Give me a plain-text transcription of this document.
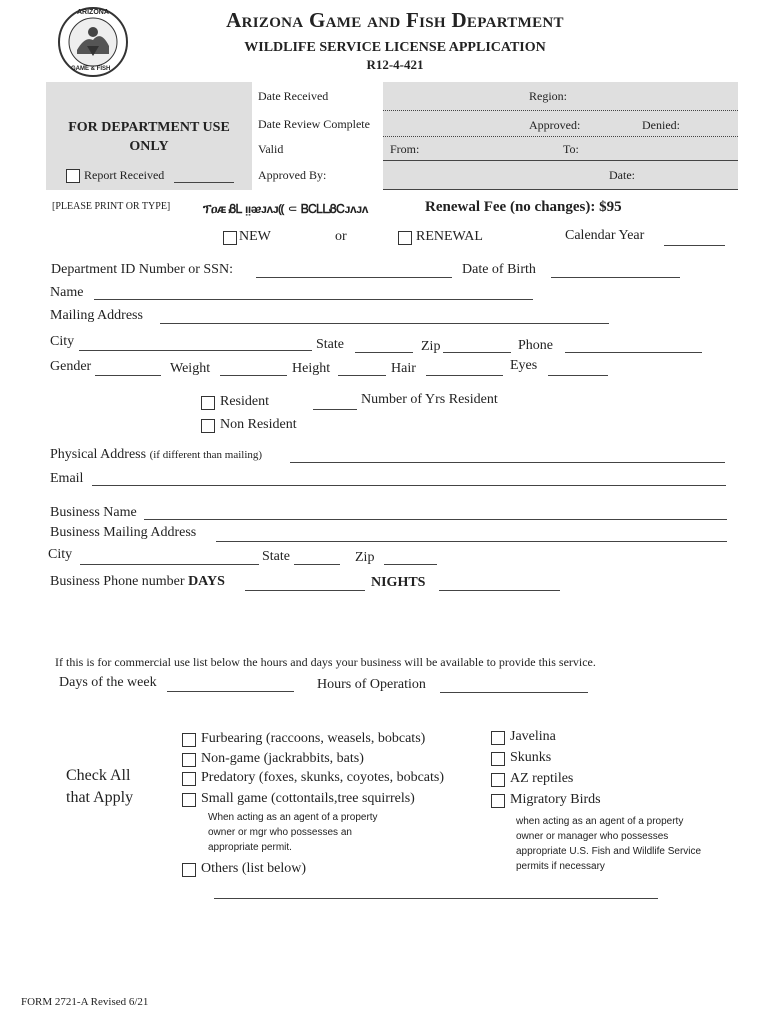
ARIZONA
GAME & FISH
Arizona Game and Fish Department
WILDLIFE SERVICE LICENSE APPLICATION
R12-4-421
FOR DEPARTMENT USE
ONLY
Report Received
Date Received	Region:
Date Review Complete	Approved:	Denied:
Valid	From:	To:
Approved By:	Date:
[PLEASE PRINT OR TYPE]	ፕዐᴁ ᏰᏞ ᴉᴉᴂᴊᴧᴊ⸨ ⸦ ᏴᏟᏞᏞᏰᏟᴊᴧᴊᴧ	Renewal Fee (no changes): $95
NEW	or	RENEWAL	Calendar Year
Department ID Number or SSN:	Date of Birth
Name
Mailing Address
City	State	Zip	Phone
Gender	Weight	Height	Hair	Eyes
Resident	Number of Yrs Resident
Non Resident
Physical Address (if different than mailing)
Email
Business Name
Business Mailing Address
City	State	Zip
Business Phone number DAYS	NIGHTS
If this is for commercial use list below the hours and days your business will be available to provide this service.
Days of the week	Hours of Operation
Check All
that Apply
Furbearing (raccoons, weasels, bobcats)
Non-game (jackrabbits, bats)
Predatory (foxes, skunks, coyotes, bobcats)
Small game (cottontails,tree squirrels)
When acting as an agent of a property
owner or mgr who possesses an
appropriate permit.
Others (list below)
Javelina
Skunks
AZ reptiles
Migratory Birds
when acting as an agent of a property
owner or manager who possesses
appropriate U.S. Fish and Wildlife Service
permits if necessary
FORM 2721-A Revised 6/21
